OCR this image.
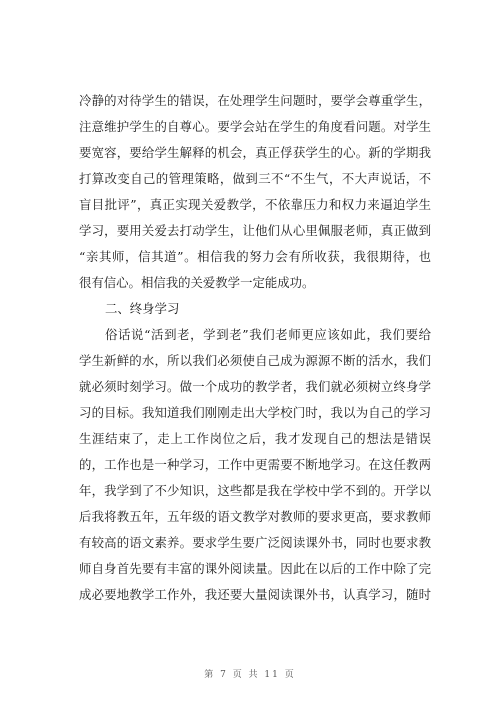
冷静的对待学生的错误，在处理学生问题时，要学会尊重学生，
注意维护学生的自尊心。要学会站在学生的角度看问题。对学生
要宽容，要给学生解释的机会，真正俘获学生的心。新的学期我
打算改变自己的管理策略，做到三不“不生气，不大声说话，不
盲目批评”，真正实现关爱教学，不依靠压力和权力来逼迫学生
学习，要用关爱去打动学生，让他们从心里佩服老师，真正做到
“亲其师，信其道”。相信我的努力会有所收获，我很期待，也
很有信心。相信我的关爱教学一定能成功。
二、终身学习
俗话说“活到老，学到老”我们老师更应该如此，我们要给
学生新鲜的水，所以我们必须使自己成为源源不断的活水，我们
就必须时刻学习。做一个成功的教学者，我们就必须树立终身学
习的目标。我知道我们刚刚走出大学校门时，我以为自己的学习
生涯结束了，走上工作岗位之后，我才发现自己的想法是错误
的，工作也是一种学习，工作中更需要不断地学习。在这任教两
年，我学到了不少知识，这些都是我在学校中学不到的。开学以
后我将教五年，五年级的语文教学对教师的要求更高，要求教师
有较高的语文素养。要求学生要广泛阅读课外书，同时也要求教
师自身首先要有丰富的课外阅读量。因此在以后的工作中除了完
成必要地教学工作外，我还要大量阅读课外书，认真学习，随时
第 7 页 共 11 页
